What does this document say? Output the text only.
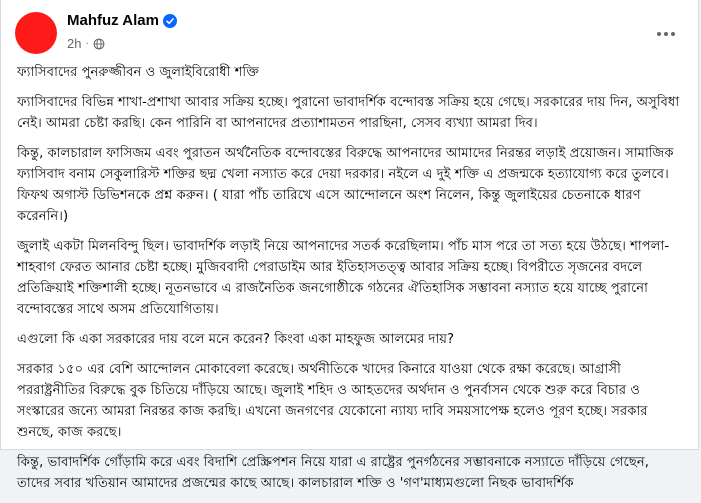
Mahfuz Alam
2h ·

ফ্যাসিবাদের পুনরুজ্জীবন ও জুলাইবিরোধী শক্তি

ফ্যাসিবাদের বিভিন্ন শাখা-প্রশাখা আবার সক্রিয় হচ্ছে। পুরানো ভাবাদর্শিক বন্দোবস্ত সক্রিয় হয়ে গেছে। সরকারের দায় দিন, অসুবিধা নেই। আমরা চেষ্টা করছি। কেন পারিনি বা আপনাদের প্রত্যাশামতন পারছিনা, সেসব ব্যখ্যা আমরা দিব।

কিন্তু, কালচারাল ফাসিজম এবং পুরাতন অর্থনৈতিক বন্দোবস্তের বিরুদ্ধে আপনাদের আমাদের নিরন্তর লড়াই প্রয়োজন। সামাজিক ফ্যাসিবাদ বনাম সেকুলারিস্ট শক্তির ছদ্ম খেলা নস্যাত করে দেয়া দরকার। নইলে এ দুই শক্তি এ প্রজন্মকে হত্যাযোগ্য করে তুলবে। ফিফথ অগাস্ট ডিভিশনকে প্রশ্ন করুন। ( যারা পাঁচ তারিখে এসে আন্দোলনে অংশ নিলেন, কিন্তু জুলাইয়ের চেতনাকে ধারণ করেননি।)

জুলাই একটা মিলনবিন্দু ছিল। ভাবাদর্শিক লড়াই নিয়ে আপনাদের সতর্ক করেছিলাম। পাঁচ মাস পরে তা সত্য হয়ে উঠছে। শাপলা- শাহবাগ ফেরত আনার চেষ্টা হচ্ছে। মুজিববাদী পেরাডাইম আর ইতিহাসতত্ত্ব আবার সক্রিয় হচ্ছে। বিপরীতে সৃজনের বদলে প্রতিক্রিয়াই শক্তিশালী হচ্ছে। নূতনভাবে এ রাজনৈতিক জনগোষ্ঠীকে গঠনের ঐতিহাসিক সম্ভাবনা নস্যাত হয়ে যাচ্ছে পুরানো বন্দোবস্তের সাথে অসম প্রতিযোগিতায়।

এগুলো কি একা সরকারের দায় বলে মনে করেন? কিংবা একা মাহফুজ আলমের দায়?

সরকার ১৫০ এর বেশি আন্দোলন মোকাবেলা করেছে। অর্থনীতিকে খাদের কিনারে যাওয়া থেকে রক্ষা করেছে। আগ্রাসী পররাষ্ট্রনীতির বিরুদ্ধে বুক চিতিয়ে দাঁড়িয়ে আছে। জুলাই শহিদ ও আহতদের অর্থদান ও পুনর্বাসন থেকে শুরু করে বিচার ও সংস্কারের জন্যে আমরা নিরন্তর কাজ করছি। এখনো জনগণের যেকোনো ন্যায্য দাবি সময়সাপেক্ষ হলেও পূরণ হচ্ছে। সরকার শুনছে, কাজ করছে।

কিন্তু, ভাবাদর্শিক গোঁড়ামি করে এবং বিদাশি প্রেস্ক্রিপশন নিয়ে যারা এ রাষ্ট্রের পুনর্গঠনের সম্ভাবনাকে নস্যাতে দাঁড়িয়ে গেছেন, তাদের সবার খতিয়ান আমাদের প্রজন্মের কাছে আছে। কালচারাল শক্তি ও 'গণ'মাধ্যমগুলো নিছক ভাবাদর্শিক
